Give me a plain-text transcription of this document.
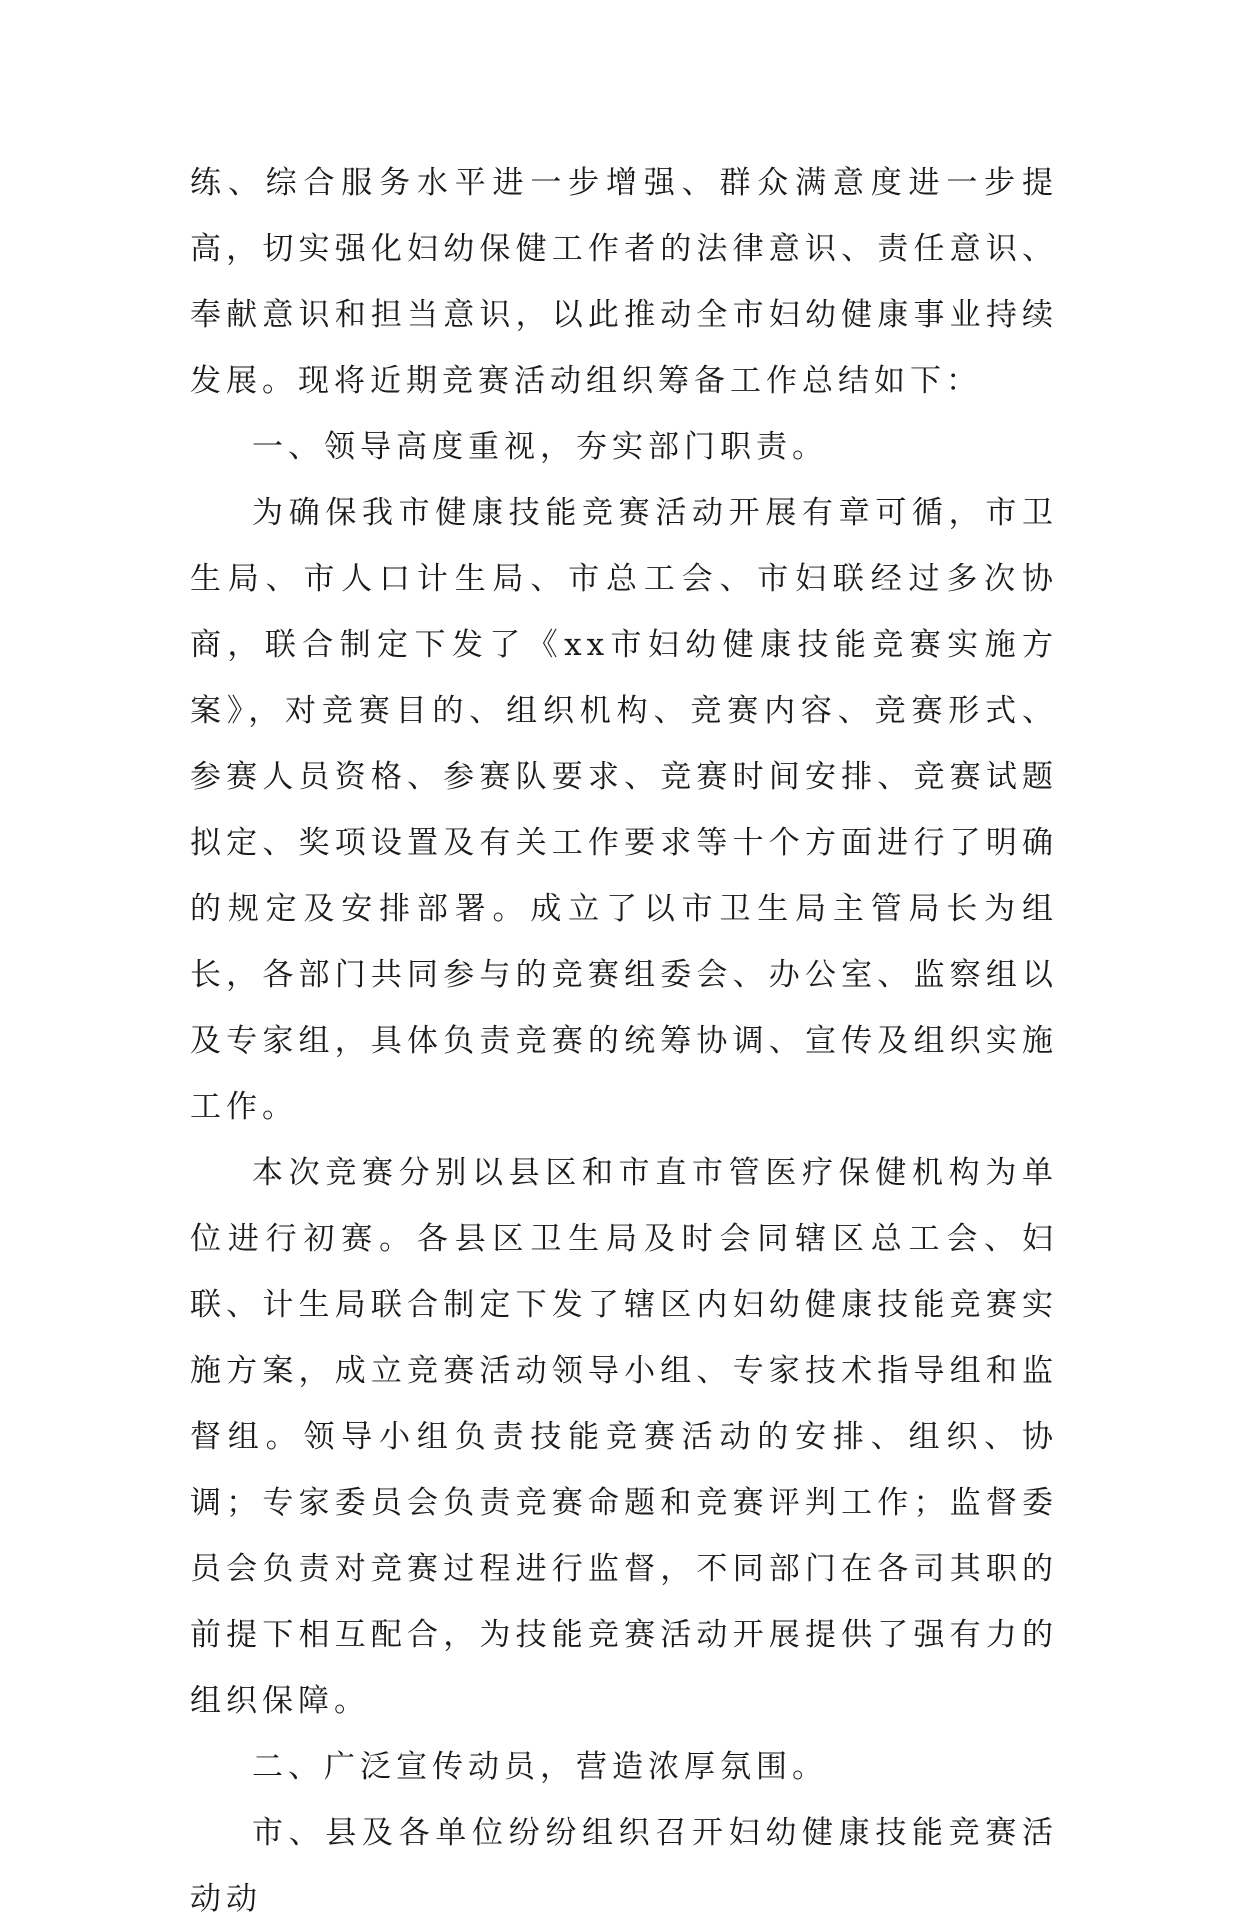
练、综合服务水平进一步增强、群众满意度进一步提高，切实强化妇幼保健工作者的法律意识、责任意识、奉献意识和担当意识，以此推动全市妇幼健康事业持续发展。现将近期竞赛活动组织筹备工作总结如下：

一、领导高度重视，夯实部门职责。

为确保我市健康技能竞赛活动开展有章可循，市卫生局、市人口计生局、市总工会、市妇联经过多次协商，联合制定下发了《xx市妇幼健康技能竞赛实施方案》，对竞赛目的、组织机构、竞赛内容、竞赛形式、参赛人员资格、参赛队要求、竞赛时间安排、竞赛试题拟定、奖项设置及有关工作要求等十个方面进行了明确的规定及安排部署。成立了以市卫生局主管局长为组长，各部门共同参与的竞赛组委会、办公室、监察组以及专家组，具体负责竞赛的统筹协调、宣传及组织实施工作。

本次竞赛分别以县区和市直市管医疗保健机构为单位进行初赛。各县区卫生局及时会同辖区总工会、妇联、计生局联合制定下发了辖区内妇幼健康技能竞赛实施方案，成立竞赛活动领导小组、专家技术指导组和监督组。领导小组负责技能竞赛活动的安排、组织、协调；专家委员会负责竞赛命题和竞赛评判工作；监督委员会负责对竞赛过程进行监督，不同部门在各司其职的前提下相互配合，为技能竞赛活动开展提供了强有力的组织保障。

二、广泛宣传动员，营造浓厚氛围。

市、县及各单位纷纷组织召开妇幼健康技能竞赛活动动
